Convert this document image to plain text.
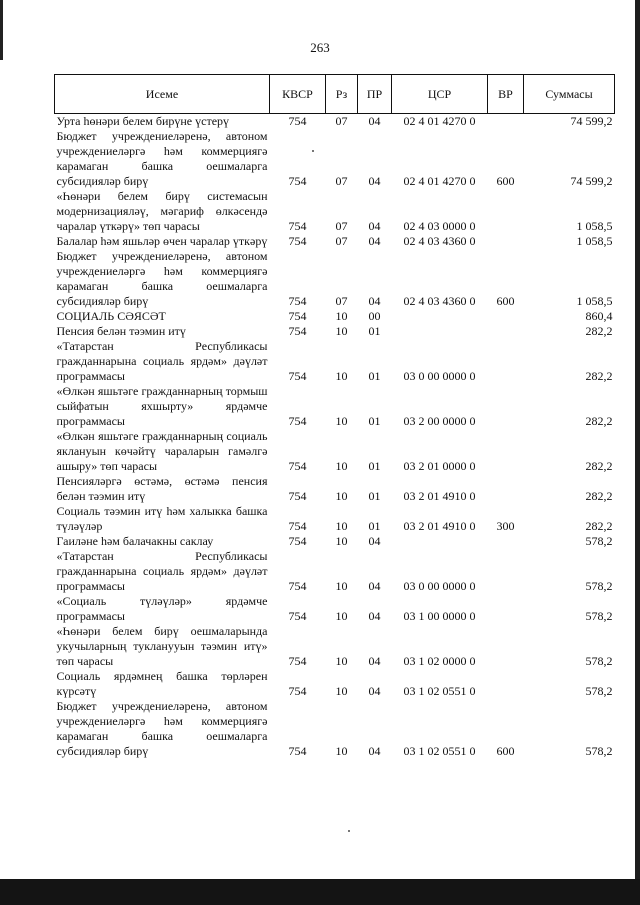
263
Исеме	КВСР	Рз	ПР	ЦСР	ВР	Суммасы
Урта һөнәри белем бирүне үстерү	754	07	04	02 4 01 4270 0		74 599,2
Бюджет учреждениеләренә, автоном учреждениеләргә һәм коммерциягә карамаган башка оешмаларга субсидияләр бирү	754	07	04	02 4 01 4270 0	600	74 599,2
«Һөнәри белем бирү системасын модернизацияләү, мәгариф өлкәсендә чаралар үткәрү» төп чарасы	754	07	04	02 4 03 0000 0		1 058,5
Балалар һәм яшьләр өчен чаралар үткәрү	754	07	04	02 4 03 4360 0		1 058,5
Бюджет учреждениеләренә, автоном учреждениеләргә һәм коммерциягә карамаган башка оешмаларга субсидияләр бирү	754	07	04	02 4 03 4360 0	600	1 058,5
СОЦИАЛЬ СӘЯСӘТ	754	10	00			860,4
Пенсия белән тәэмин итү	754	10	01			282,2
«Татарстан Республикасы гражданнарына социаль ярдәм» дәүләт программасы	754	10	01	03 0 00 0000 0		282,2
«Өлкән яшьтәге гражданнарның тормыш сыйфатын яхшырту» ярдәмче программасы	754	10	01	03 2 00 0000 0		282,2
«Өлкән яшьтәге гражданнарның социаль яклануын көчәйтү чараларын гамәлгә ашыру» төп чарасы	754	10	01	03 2 01 0000 0		282,2
Пенсияләргә өстәмә, өстәмә пенсия белән тәэмин итү	754	10	01	03 2 01 4910 0		282,2
Социаль тәэмин итү һәм халыкка башка түләүләр	754	10	01	03 2 01 4910 0	300	282,2
Гаиләне һәм балачакны саклау	754	10	04			578,2
«Татарстан Республикасы гражданнарына социаль ярдәм» дәүләт программасы	754	10	04	03 0 00 0000 0		578,2
«Социаль түләүләр» ярдәмче программасы	754	10	04	03 1 00 0000 0		578,2
«Һөнәри белем бирү оешмаларында укучыларның тукланууын тәэмин итү» төп чарасы	754	10	04	03 1 02 0000 0		578,2
Социаль ярдәмнең башка төрләрен күрсәтү	754	10	04	03 1 02 0551 0		578,2
Бюджет учреждениеләренә, автоном учреждениеләргә һәм коммерциягә карамаган башка оешмаларга субсидияләр бирү	754	10	04	03 1 02 0551 0	600	578,2
